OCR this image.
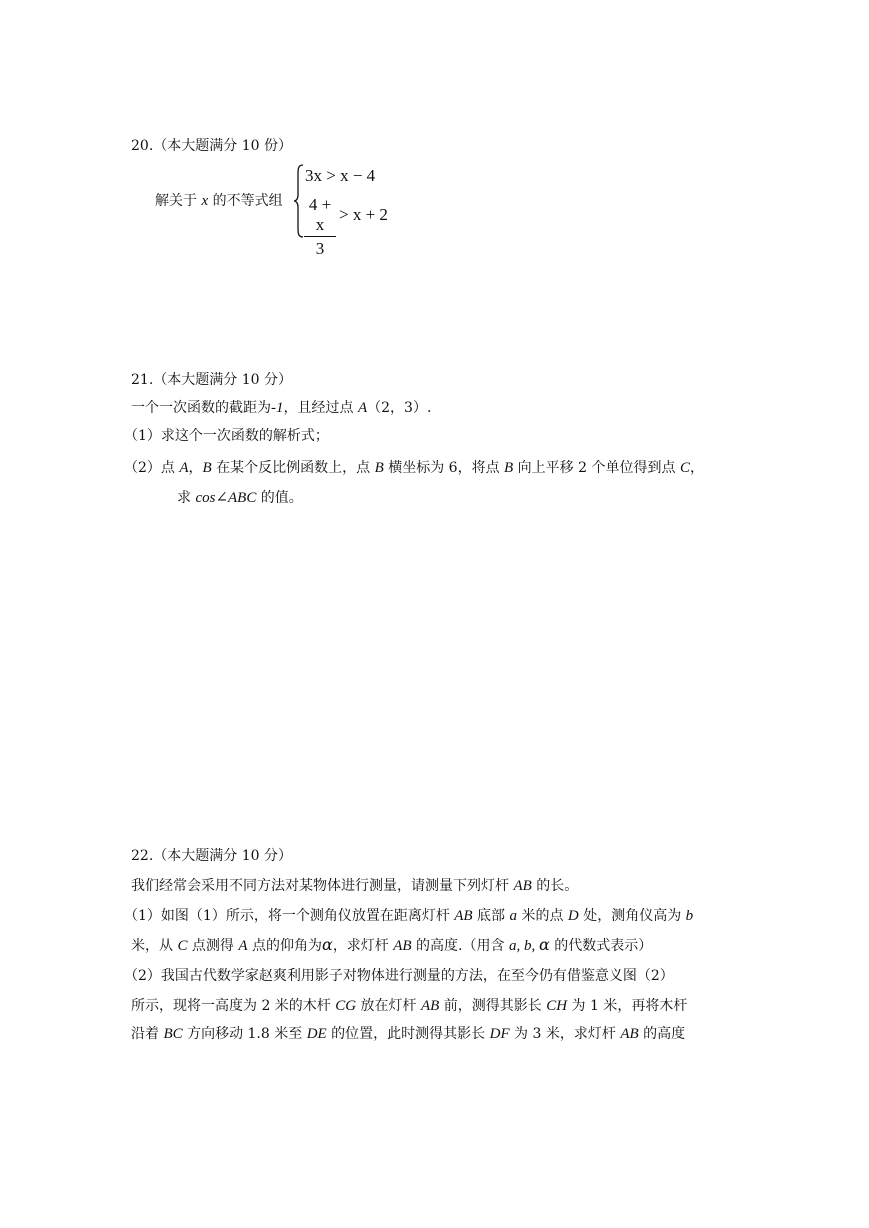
20.（本大题满分 10 份）
解关于 x 的不等式组
3x > x − 4
4 + x
3
> x + 2
21.（本大题满分 10 分）
一个一次函数的截距为-1，且经过点 A（2，3）.
（1）求这个一次函数的解析式；
（2）点 A，B 在某个反比例函数上，点 B 横坐标为 6，将点 B 向上平移 2 个单位得到点 C，
求 cos∠ABC 的值。
22.（本大题满分 10 分）
我们经常会采用不同方法对某物体进行测量，请测量下列灯杆 AB 的长。
（1）如图（1）所示，将一个测角仪放置在距离灯杆 AB 底部 a 米的点 D 处，测角仪高为 b
米，从 C 点测得 A 点的仰角为α，求灯杆 AB 的高度.（用含 a, b, α 的代数式表示）
（2）我国古代数学家赵爽利用影子对物体进行测量的方法，在至今仍有借鉴意义图（2）
所示，现将一高度为 2 米的木杆 CG 放在灯杆 AB 前，测得其影长 CH 为 1 米，再将木杆
沿着 BC 方向移动 1.8 米至 DE 的位置，此时测得其影长 DF 为 3 米，求灯杆 AB 的高度
